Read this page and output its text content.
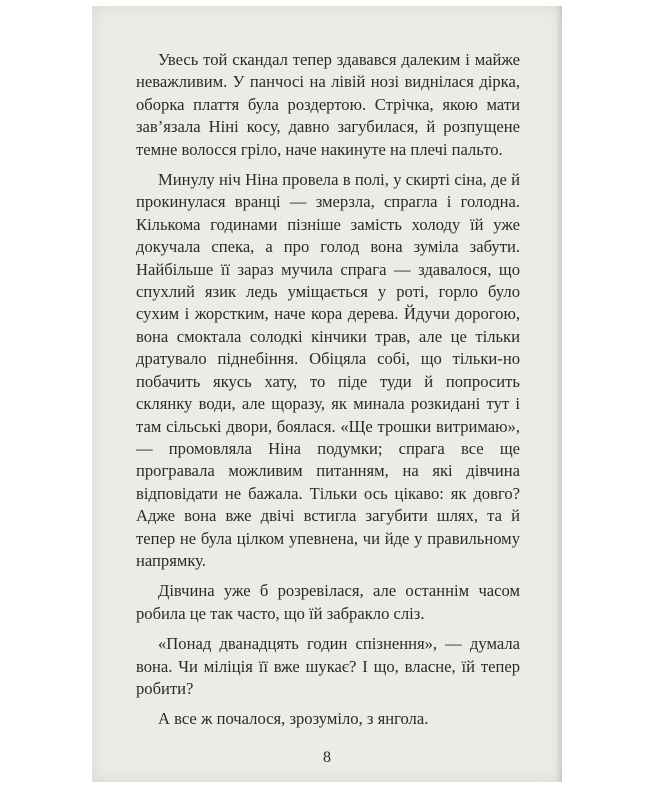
Увесь той скандал тепер здавався далеким і майже неважливим. У панчосі на лівій нозі виднілася дірка, оборка плаття була роздертою. Стрічка, якою мати зав’язала Ніні косу, давно загубилася, й розпущене темне волосся гріло, наче накинуте на плечі пальто.

Минулу ніч Ніна провела в полі, у скирті сіна, де й прокинулася вранці — змерзла, спрагла і голодна. Кількома годинами пізніше замість холоду їй уже докучала спека, а про голод вона зуміла забути. Найбільше її зараз мучила спрага — здавалося, що спухлий язик ледь уміщається у роті, горло було сухим і жорстким, наче кора дерева. Йдучи дорогою, вона смоктала солодкі кінчики трав, але це тільки дратувало піднебіння. Обіцяла собі, що тільки-но побачить якусь хату, то піде туди й попросить склянку води, але щоразу, як минала розкидані тут і там сільські двори, боялася. «Ще трошки витримаю», — промовляла Ніна подумки; спрага все ще програвала можливим питанням, на які дівчина відповідати не бажала. Тільки ось цікаво: як довго? Адже вона вже двічі встигла загубити шлях, та й тепер не була цілком упевнена, чи йде у правильному напрямку.

Дівчина уже б розревілася, але останнім часом робила це так часто, що їй забракло сліз.

«Понад дванадцять годин спізнення», — думала вона. Чи міліція її вже шукає? І що, власне, їй тепер робити?

А все ж почалося, зрозуміло, з янгола.

8
